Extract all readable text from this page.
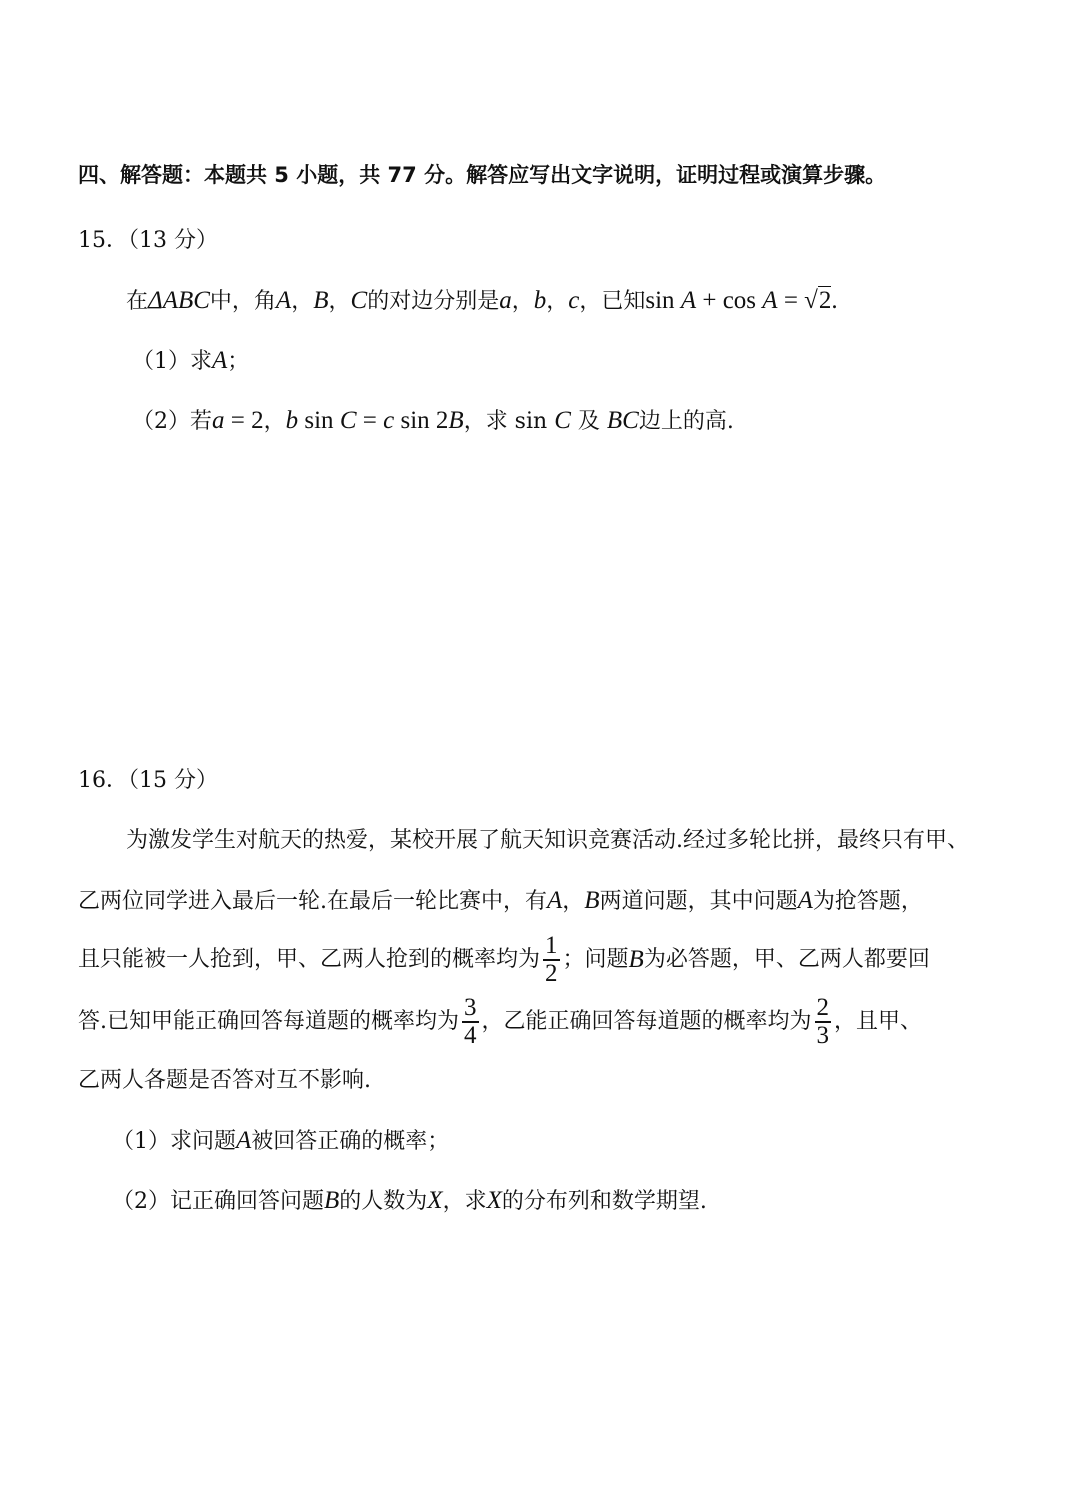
四、解答题：本题共 5 小题，共 77 分。解答应写出文字说明，证明过程或演算步骤。
15．（13 分）
在ΔABC中，角A，B，C的对边分别是a，b，c，已知sin A + cos A = √2.
（1）求A；
（2）若a = 2，b sin C = c sin 2B，求 sin C 及 BC边上的高.
16．（15 分）
为激发学生对航天的热爱，某校开展了航天知识竞赛活动.经过多轮比拼，最终只有甲、
乙两位同学进入最后一轮.在最后一轮比赛中，有A，B两道问题，其中问题A为抢答题，
且只能被一人抢到，甲、乙两人抢到的概率均为 $\frac{1}{2}$ ；问题 B 为必答题，甲、乙两人都要回
答.已知甲能正确回答每道题的概率均为 $\frac{3}{4}$ ，乙能正确回答每道题的概率均为 $\frac{2}{3}$ ，且甲、
乙两人各题是否答对互不影响.
（1）求问题A被回答正确的概率；
（2）记正确回答问题B的人数为X，求X的分布列和数学期望.
